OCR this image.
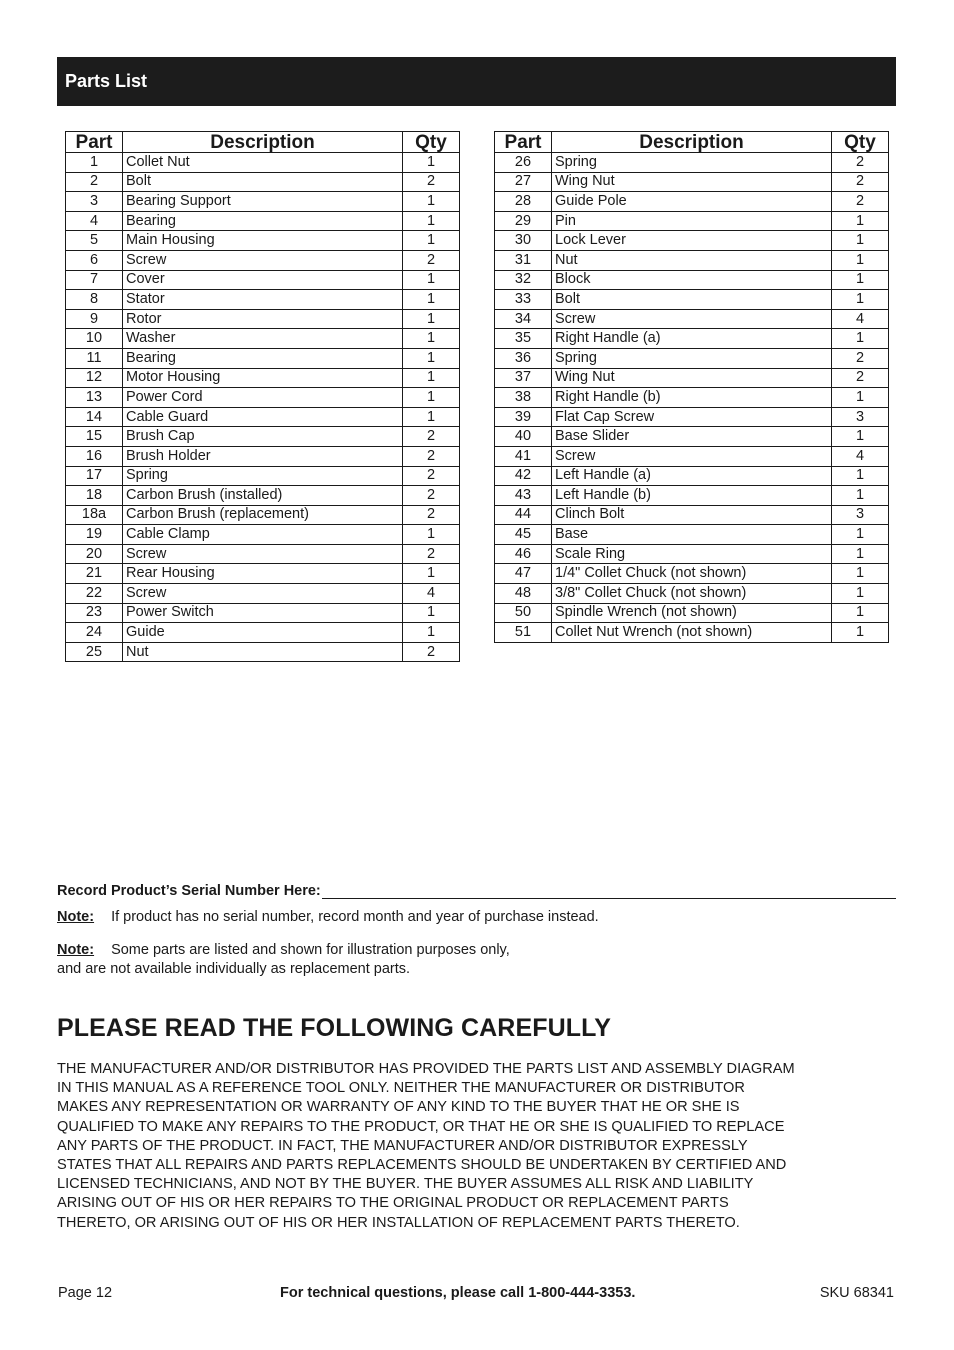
Parts List
Part	Description	Qty
1	Collet Nut	1
2	Bolt	2
3	Bearing Support	1
4	Bearing	1
5	Main Housing	1
6	Screw	2
7	Cover	1
8	Stator	1
9	Rotor	1
10	Washer	1
11	Bearing	1
12	Motor Housing	1
13	Power Cord	1
14	Cable Guard	1
15	Brush Cap	2
16	Brush Holder	2
17	Spring	2
18	Carbon Brush (installed)	2
18a	Carbon Brush (replacement)	2
19	Cable Clamp	1
20	Screw	2
21	Rear Housing	1
22	Screw	4
23	Power Switch	1
24	Guide	1
25	Nut	2
Part	Description	Qty
26	Spring	2
27	Wing Nut	2
28	Guide Pole	2
29	Pin	1
30	Lock Lever	1
31	Nut	1
32	Block	1
33	Bolt	1
34	Screw	4
35	Right Handle (a)	1
36	Spring	2
37	Wing Nut	2
38	Right Handle (b)	1
39	Flat Cap Screw	3
40	Base Slider	1
41	Screw	4
42	Left Handle (a)	1
43	Left Handle (b)	1
44	Clinch Bolt	3
45	Base	1
46	Scale Ring	1
47	1/4" Collet Chuck (not shown)	1
48	3/8" Collet Chuck (not shown)	1
50	Spindle Wrench (not shown)	1
51	Collet Nut Wrench (not shown)	1
Record Product’s Serial Number Here:
Note: If product has no serial number, record month and year of purchase instead.
Note: Some parts are listed and shown for illustration purposes only,
and are not available individually as replacement parts.
PLEASE READ THE FOLLOWING CAREFULLY

THE MANUFACTURER AND/OR DISTRIBUTOR HAS PROVIDED THE PARTS LIST AND ASSEMBLY DIAGRAM
IN THIS MANUAL AS A REFERENCE TOOL ONLY. NEITHER THE MANUFACTURER OR DISTRIBUTOR
MAKES ANY REPRESENTATION OR WARRANTY OF ANY KIND TO THE BUYER THAT HE OR SHE IS
QUALIFIED TO MAKE ANY REPAIRS TO THE PRODUCT, OR THAT HE OR SHE IS QUALIFIED TO REPLACE
ANY PARTS OF THE PRODUCT. IN FACT, THE MANUFACTURER AND/OR DISTRIBUTOR EXPRESSLY
STATES THAT ALL REPAIRS AND PARTS REPLACEMENTS SHOULD BE UNDERTAKEN BY CERTIFIED AND
LICENSED TECHNICIANS, AND NOT BY THE BUYER. THE BUYER ASSUMES ALL RISK AND LIABILITY
ARISING OUT OF HIS OR HER REPAIRS TO THE ORIGINAL PRODUCT OR REPLACEMENT PARTS
THERETO, OR ARISING OUT OF HIS OR HER INSTALLATION OF REPLACEMENT PARTS THERETO.

Page 12	For technical questions, please call 1-800-444-3353.	SKU 68341
